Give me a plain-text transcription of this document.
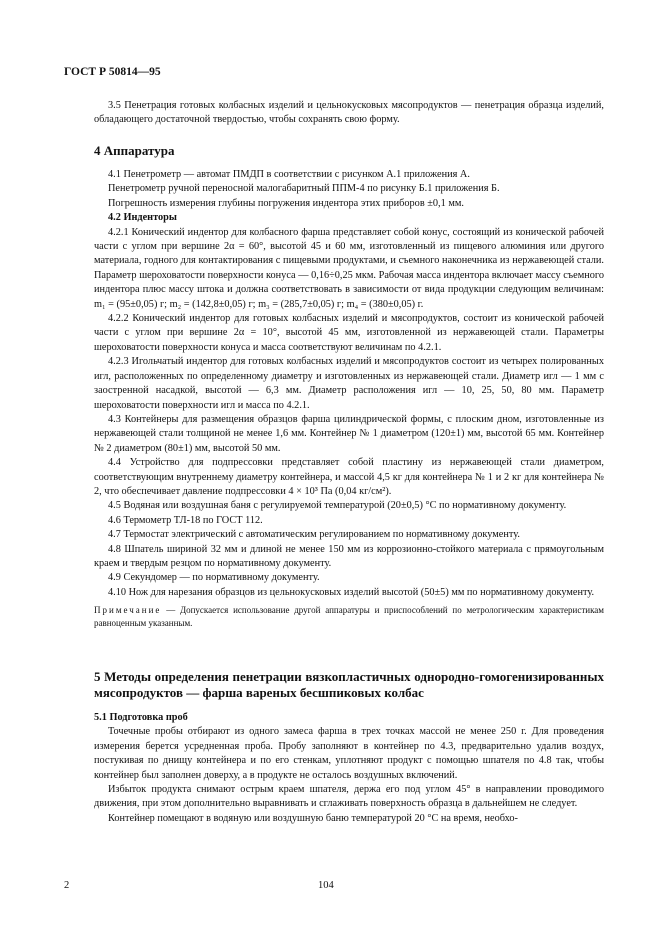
ГОСТ Р 50814—95

3.5 Пенетрация готовых колбасных изделий и цельнокусковых мясопродуктов — пенетрация образца изделий, обладающего достаточной твердостью, чтобы сохранять свою форму.

4 Аппаратура

4.1 Пенетрометр — автомат ПМДП в соответствии с рисунком А.1 приложения А.

Пенетрометр ручной переносной малогабаритный ППМ-4 по рисунку Б.1 приложения Б.

Погрешность измерения глубины погружения индентора этих приборов ±0,1 мм.

4.2 Инденторы

4.2.1 Конический индентор для колбасного фарша представляет собой конус, состоящий из конической рабочей части с углом при вершине 2α = 60°, высотой 45 и 60 мм, изготовленный из пищевого алюминия или другого материала, годного для контактирования с пищевыми продуктами, и съемного наконечника из нержавеющей стали. Параметр шероховатости поверхности конуса — 0,16÷0,25 мкм. Рабочая масса индентора включает массу съемного индентора плюс массу штока и должна соответствовать в зависимости от вида продукции следующим величинам: m₁ = (95±0,05) г; m₂ = (142,8±0,05) г; m₃ = (285,7±0,05) г; m₄ = (380±0,05) г.

4.2.2 Конический индентор для готовых колбасных изделий и мясопродуктов, состоит из конической рабочей части с углом при вершине 2α = 10°, высотой 45 мм, изготовленной из нержавеющей стали. Параметры шероховатости поверхности конуса и масса соответствуют величинам по 4.2.1.

4.2.3 Игольчатый индентор для готовых колбасных изделий и мясопродуктов состоит из четырех полированных игл, расположенных по определенному диаметру и изготовленных из нержавеющей стали. Диаметр игл — 1 мм с заостренной насадкой, высотой — 6,3 мм. Диаметр расположения игл — 10, 25, 50, 80 мм. Параметр шероховатости поверхности игл и масса по 4.2.1.

4.3 Контейнеры для размещения образцов фарша цилиндрической формы, с плоским дном, изготовленные из нержавеющей стали толщиной не менее 1,6 мм. Контейнер № 1 диаметром (120±1) мм, высотой 65 мм. Контейнер № 2 диаметром (80±1) мм, высотой 50 мм.

4.4 Устройство для подпрессовки представляет собой пластину из нержавеющей стали диаметром, соответствующим внутреннему диаметру контейнера, и массой 4,5 кг для контейнера № 1 и 2 кг для контейнера № 2, что обеспечивает давление подпрессовки 4 × 10³ Па (0,04 кг/см²).

4.5 Водяная или воздушная баня с регулируемой температурой (20±0,5) °С по нормативному документу.

4.6 Термометр ТЛ-18 по ГОСТ 112.

4.7 Термостат электрический с автоматическим регулированием по нормативному документу.

4.8 Шпатель шириной 32 мм и длиной не менее 150 мм из коррозионно-стойкого материала с прямоугольным краем и твердым резцом по нормативному документу.

4.9 Секундомер — по нормативному документу.

4.10 Нож для нарезания образцов из цельнокусковых изделий высотой (50±5) мм по нормативному документу.

Примечание — Допускается использование другой аппаратуры и приспособлений по метрологическим характеристикам равноценным указанным.

5 Методы определения пенетрации вязкопластичных однородно-гомогенизированных мясопродуктов — фарша вареных бесшпиковых колбас

5.1 Подготовка проб

Точечные пробы отбирают из одного замеса фарша в трех точках массой не менее 250 г. Для проведения измерения берется усредненная проба. Пробу заполняют в контейнер по 4.3, предварительно удалив воздух, постукивая по днищу контейнера и по его стенкам, уплотняют продукт с помощью шпателя по 4.8 так, чтобы контейнер был заполнен доверху, а в продукте не осталось воздушных включений.

Избыток продукта снимают острым краем шпателя, держа его под углом 45° в направлении проводимого движения, при этом дополнительно выравнивать и сглаживать поверхность образца в дальнейшем не следует.

Контейнер помещают в водяную или воздушную баню температурой 20 °С на время, необхо-

2	104
